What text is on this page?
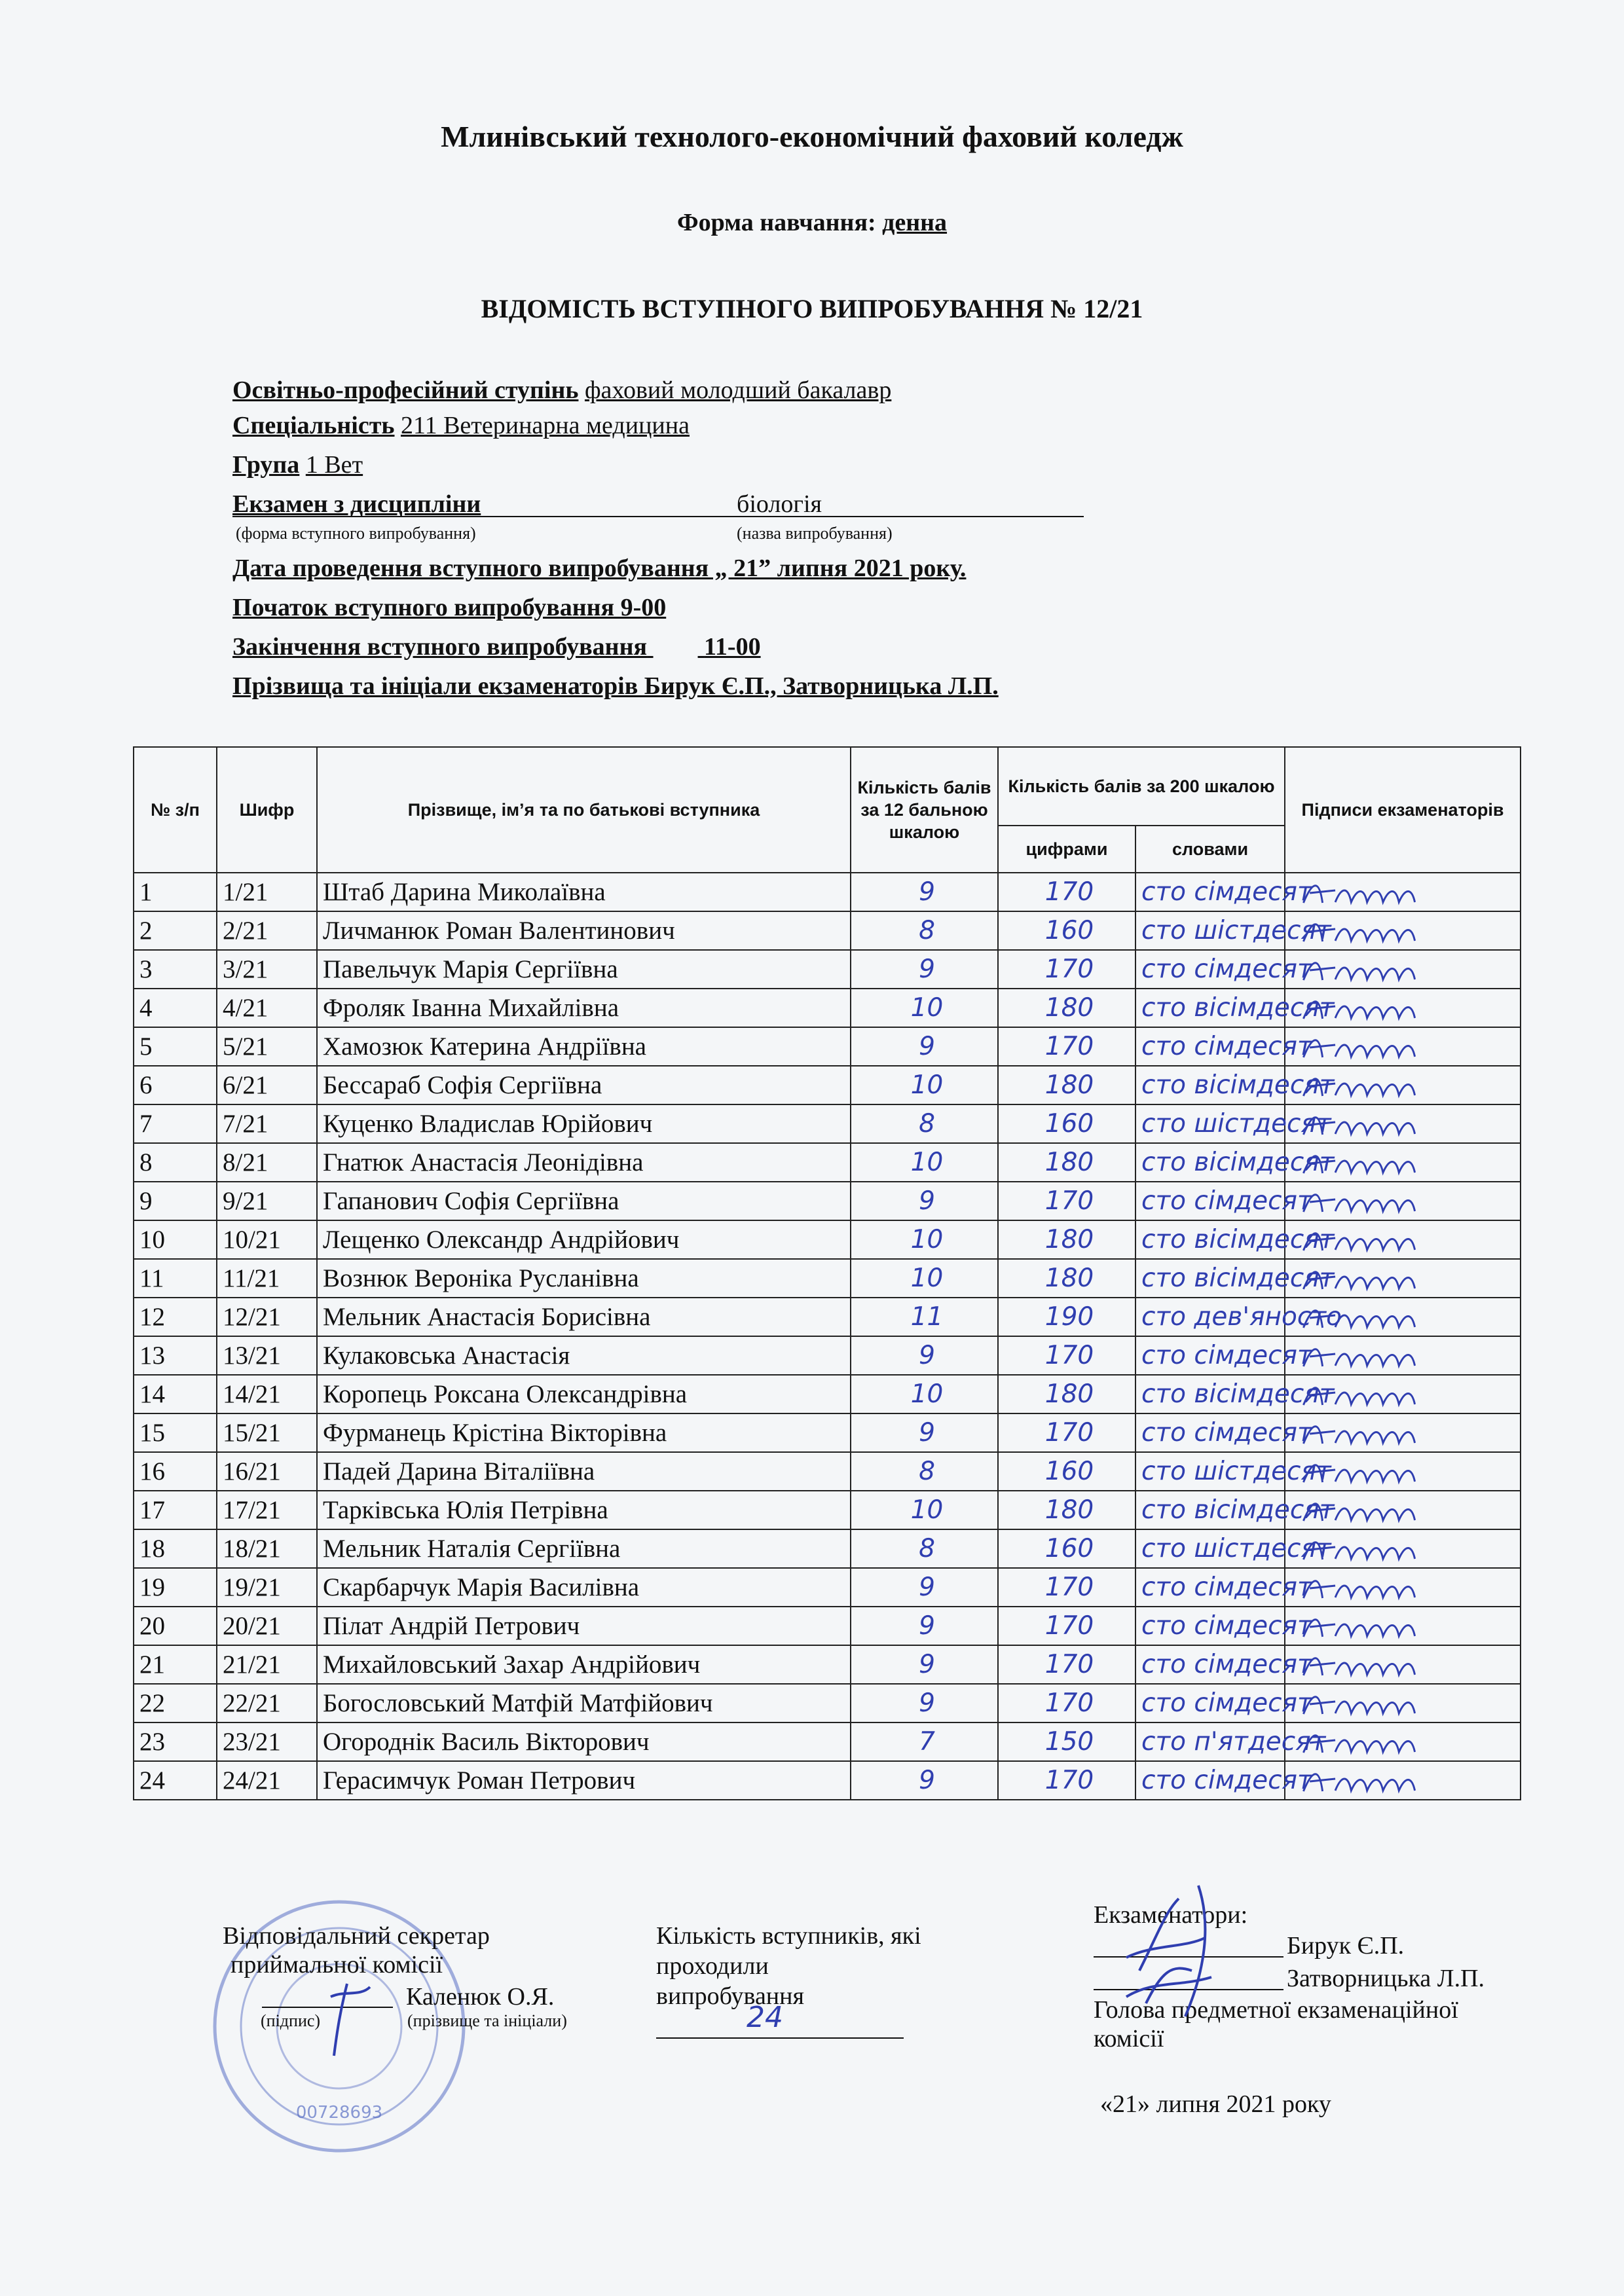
Млинівський технолого-економічний фаховий коледж
Форма навчання: денна
ВІДОМІСТЬ ВСТУПНОГО ВИПРОБУВАННЯ № 12/21
Освітньо-професійний ступінь фаховий молодший бакалавр
Спеціальність 211 Ветеринарна медицина
Група 1 Вет
Екзамен з дисципліни	біологія
(форма вступного випробування)	(назва випробування)
Дата проведення вступного випробування „ 21” липня 2021 року.
Початок вступного випробування 9-00
Закінчення вступного випробування 11-00
Прізвища та ініціали екзаменаторів Бирук Є.П., Затворницька Л.П.
№ з/п	Шифр	Прізвище, ім’я та по батькові вступника	Кількість балів за 12 бальною шкалою	Кількість балів за 200 шкалою		Підписи екзаменаторів
				цифрами	словами	
1	1/21	Штаб Дарина Миколаївна	9	170	сто сімдесят	

2	2/21	Личманюк Роман Валентинович	8	160	сто шістдесят	

3	3/21	Павельчук Марія Сергіївна	9	170	сто сімдесят	

4	4/21	Фроляк Іванна Михайлівна	10	180	сто вісімдесят	

5	5/21	Хамозюк Катерина Андріївна	9	170	сто сімдесят	

6	6/21	Бессараб Софія Сергіївна	10	180	сто вісімдесят	

7	7/21	Куценко Владислав Юрійович	8	160	сто шістдесят	

8	8/21	Гнатюк Анастасія Леонідівна	10	180	сто вісімдесят	

9	9/21	Гапанович Софія Сергіївна	9	170	сто сімдесят	

10	10/21	Лещенко Олександр Андрійович	10	180	сто вісімдесят	

11	11/21	Вознюк Вероніка Русланівна	10	180	сто вісімдесят	

12	12/21	Мельник Анастасія Борисівна	11	190	сто дев'яносто	

13	13/21	Кулаковська Анастасія	9	170	сто сімдесят	

14	14/21	Коропець Роксана Олександрівна	10	180	сто вісімдесят	

15	15/21	Фурманець Крістіна Вікторівна	9	170	сто сімдесят	

16	16/21	Падей Дарина Віталіївна	8	160	сто шістдесят	

17	17/21	Тарківська Юлія Петрівна	10	180	сто вісімдесят	

18	18/21	Мельник Наталія Сергіївна	8	160	сто шістдесят	

19	19/21	Скарбарчук Марія Василівна	9	170	сто сімдесят	

20	20/21	Пілат Андрій Петрович	9	170	сто сімдесят	

21	21/21	Михайловський Захар Андрійович	9	170	сто сімдесят	

22	22/21	Богословський Матфій Матфійович	9	170	сто сімдесят	

23	23/21	Огороднік Василь Вікторович	7	150	сто п'ятдесят	

24	24/21	Герасимчук Роман Петрович	9	170	сто сімдесят	
00728693
Відповідальний секретар
приймальної комісії
Каленюк О.Я.
(підпис)	(прізвище та ініціали)
Кількість вступників, які
проходили
випробування
24
Екзаменатори:
Бирук Є.П.
Затворницька Л.П.
Голова предметної екзаменаційної
комісії
«21» липня 2021 року
